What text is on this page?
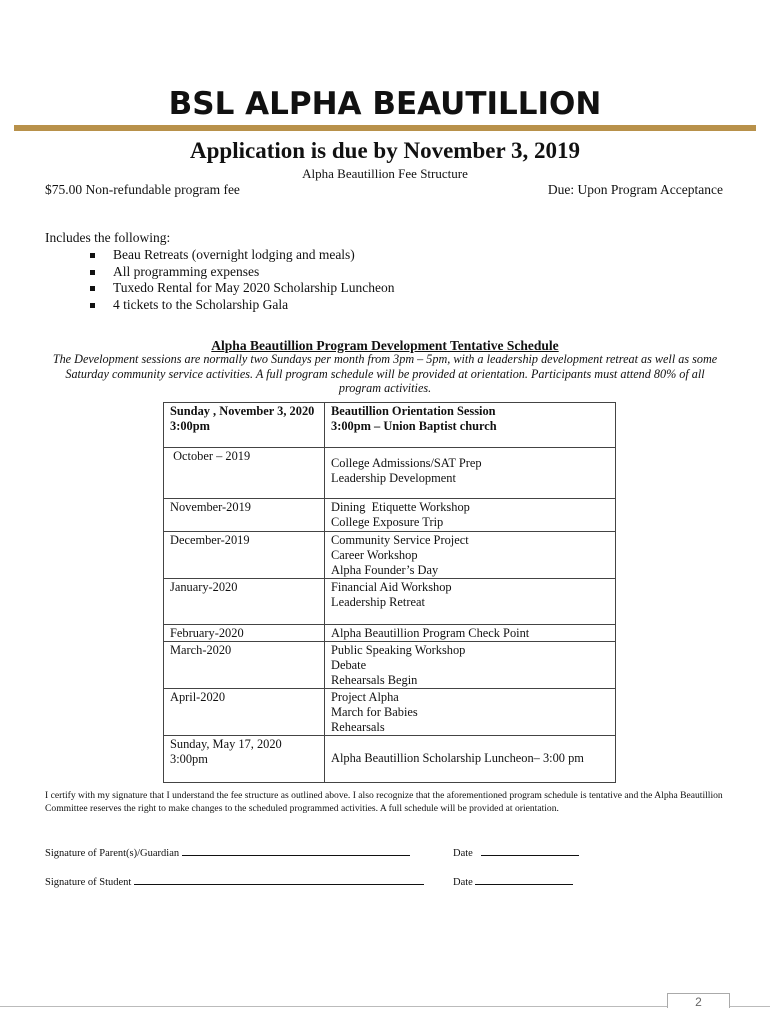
BSL ALPHA BEAUTILLION
Application is due by November 3, 2019
Alpha Beautillion Fee Structure
$75.00 Non-refundable program fee	Due: Upon Program Acceptance
Includes the following:
Beau Retreats (overnight lodging and meals)
All programming expenses
Tuxedo Rental for May 2020 Scholarship Luncheon
4 tickets to the Scholarship Gala
Alpha Beautillion Program Development Tentative Schedule
The Development sessions are normally two Sundays per month from 3pm – 5pm, with a leadership development retreat as well as some Saturday community service activities. A full program schedule will be provided at orientation. Participants must attend 80% of all program activities.
Sunday , November 3, 2020
3:00pm	Beautillion Orientation Session
3:00pm – Union Baptist church

October – 2019	College Admissions/SAT Prep
Leadership Development

November-2019	Dining  Etiquette Workshop
College Exposure Trip

December-2019	Community Service Project
Career Workshop
Alpha Founder’s Day

January-2020	Financial Aid Workshop
Leadership Retreat

February-2020	Alpha Beautillion Program Check Point

March-2020	Public Speaking Workshop
Debate
Rehearsals Begin

April-2020	Project Alpha
March for Babies
Rehearsals

Sunday, May 17, 2020
3:00pm	Alpha Beautillion Scholarship Luncheon– 3:00 pm
I certify with my signature that I understand the fee structure as outlined above. I also recognize that the aforementioned program schedule is tentative and the Alpha Beautillion Committee reserves the right to make changes to the scheduled programmed activities. A full schedule will be provided at orientation.
Signature of Parent(s)/Guardian	Date
Signature of Student	Date
2
